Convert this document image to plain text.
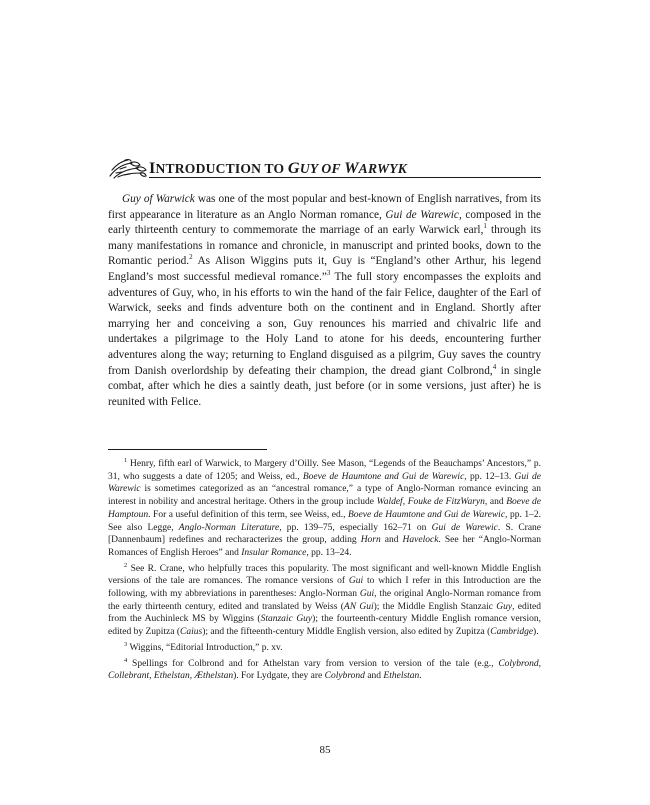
INTRODUCTION TO GUY OF WARWYK

Guy of Warwick was one of the most popular and best-known of English narratives, from its first appearance in literature as an Anglo Norman romance, Gui de Warewic, composed in the early thirteenth century to commemorate the marriage of an early Warwick earl,$^1$ through its many manifestations in romance and chronicle, in manuscript and printed books, down to the Romantic period.$^2$ As Alison Wiggins puts it, Guy is “England’s other Arthur, his legend England’s most successful medieval romance.”$^3$ The full story encompasses the exploits and adventures of Guy, who, in his efforts to win the hand of the fair Felice, daughter of the Earl of Warwick, seeks and finds adventure both on the continent and in England. Shortly after marrying her and conceiving a son, Guy renounces his married and chivalric life and undertakes a pilgrimage to the Holy Land to atone for his deeds, encountering further adventures along the way; returning to England disguised as a pilgrim, Guy saves the country from Danish overlordship by defeating their champion, the dread giant Colbrond,$^4$ in single combat, after which he dies a saintly death, just before (or in some versions, just after) he is reunited with Felice.

$^1$ Henry, fifth earl of Warwick, to Margery d’Oilly. See Mason, “Legends of the Beauchamps’ Ancestors,” p. 31, who suggests a date of 1205; and Weiss, ed., Boeve de Haumtone and Gui de Warewic, pp. 12–13. Gui de Warewic is sometimes categorized as an “ancestral romance,” a type of Anglo-Norman romance evincing an interest in nobility and ancestral heritage. Others in the group include Waldef, Fouke de FitzWaryn, and Boeve de Hamptoun. For a useful definition of this term, see Weiss, ed., Boeve de Haumtone and Gui de Warewic, pp. 1–2. See also Legge, Anglo-Norman Literature, pp. 139–75, especially 162–71 on Gui de Warewic. S. Crane [Dannenbaum] redefines and recharacterizes the group, adding Horn and Havelock. See her “Anglo-Norman Romances of English Heroes” and Insular Romance, pp. 13–24.

$^2$ See R. Crane, who helpfully traces this popularity. The most significant and well-known Middle English versions of the tale are romances. The romance versions of Gui to which I refer in this Introduction are the following, with my abbreviations in parentheses: Anglo-Norman Gui, the original Anglo-Norman romance from the early thirteenth century, edited and translated by Weiss (AN Gui); the Middle English Stanzaic Guy, edited from the Auchinleck MS by Wiggins (Stanzaic Guy); the fourteenth-century Middle English romance version, edited by Zupitza (Caius); and the fifteenth-century Middle English version, also edited by Zupitza (Cambridge).

$^3$ Wiggins, “Editorial Introduction,” p. xv.

$^4$ Spellings for Colbrond and for Athelstan vary from version to version of the tale (e.g., Colybrond, Collebrant, Ethelstan, Æthelstan). For Lydgate, they are Colybrond and Ethelstan.

85
